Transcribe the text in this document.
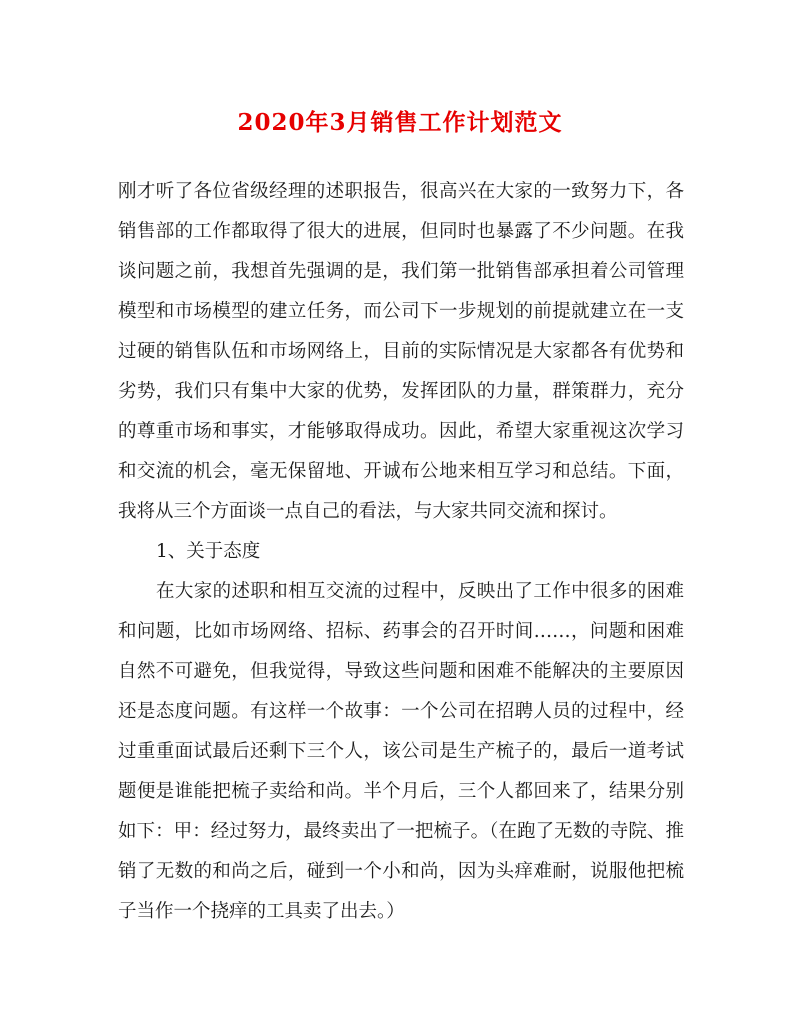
2020年3月销售工作计划范文
刚才听了各位省级经理的述职报告，很高兴在大家的一致努力下，各
销售部的工作都取得了很大的进展，但同时也暴露了不少问题。在我
谈问题之前，我想首先强调的是，我们第一批销售部承担着公司管理
模型和市场模型的建立任务，而公司下一步规划的前提就建立在一支
过硬的销售队伍和市场网络上，目前的实际情况是大家都各有优势和
劣势，我们只有集中大家的优势，发挥团队的力量，群策群力，充分
的尊重市场和事实，才能够取得成功。因此，希望大家重视这次学习
和交流的机会，毫无保留地、开诚布公地来相互学习和总结。下面，
我将从三个方面谈一点自己的看法，与大家共同交流和探讨。
1、关于态度
在大家的述职和相互交流的过程中，反映出了工作中很多的困难
和问题，比如市场网络、招标、药事会的召开时间……，问题和困难
自然不可避免，但我觉得，导致这些问题和困难不能解决的主要原因
还是态度问题。有这样一个故事：一个公司在招聘人员的过程中，经
过重重面试最后还剩下三个人，该公司是生产梳子的，最后一道考试
题便是谁能把梳子卖给和尚。半个月后，三个人都回来了，结果分别
如下：甲：经过努力，最终卖出了一把梳子。（在跑了无数的寺院、推
销了无数的和尚之后，碰到一个小和尚，因为头痒难耐，说服他把梳
子当作一个挠痒的工具卖了出去。）
